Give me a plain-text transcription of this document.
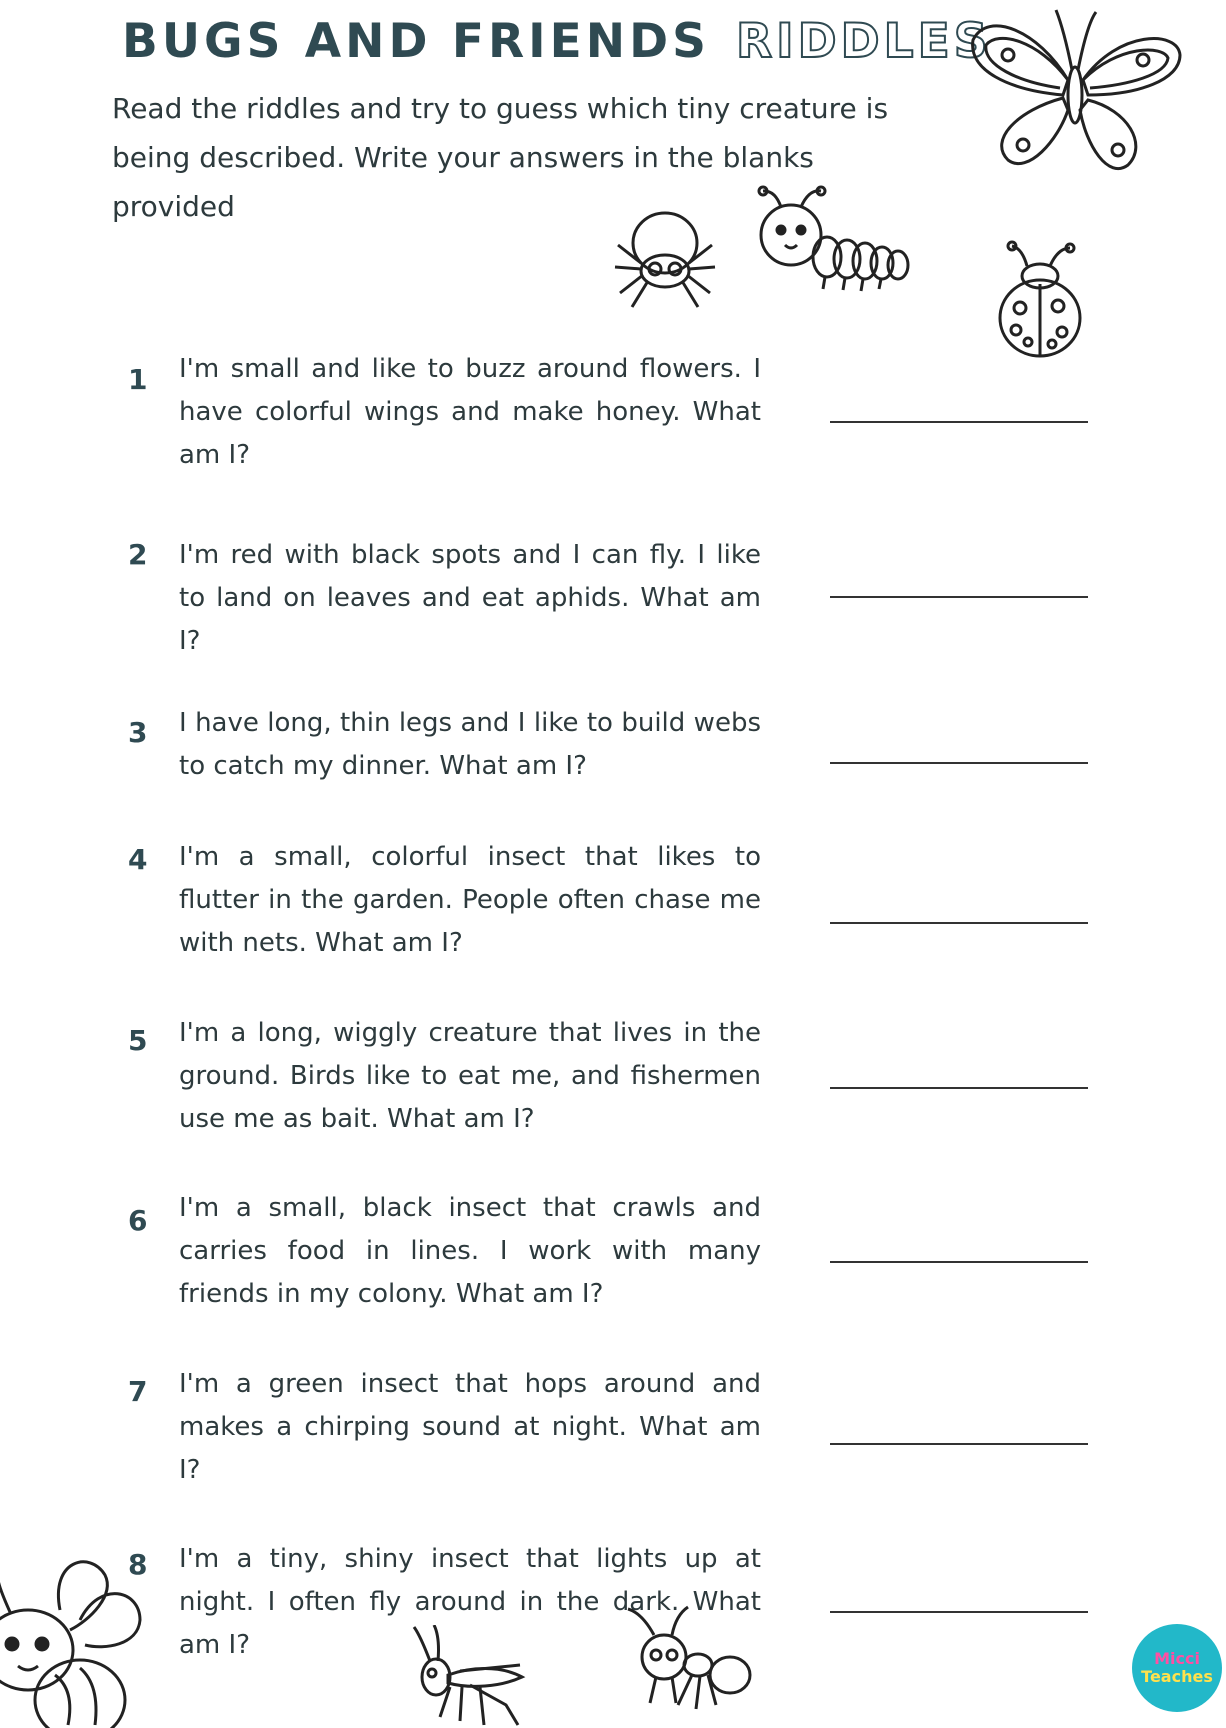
BUGS AND FRIENDS RIDDLES

Read the riddles and try to guess which tiny creature is being described. Write your answers in the blanks provided

1	I'm small and like to buzz around flowers. I have colorful wings and make honey. What am I?

2	I'm red with black spots and I can fly. I like to land on leaves and eat aphids. What am I?

3	I have long, thin legs and I like to build webs to catch my dinner. What am I?

4	I'm a small, colorful insect that likes to flutter in the garden. People often chase me with nets. What am I?

5	I'm a long, wiggly creature that lives in the ground. Birds like to eat me, and fishermen use me as bait. What am I?

6	I'm a small, black insect that crawls and carries food in lines. I work with many friends in my colony. What am I?

7	I'm a green insect that hops around and makes a chirping sound at night. What am I?

8	I'm a tiny, shiny insect that lights up at night. I often fly around in the dark. What am I?	Micci
Teaches
